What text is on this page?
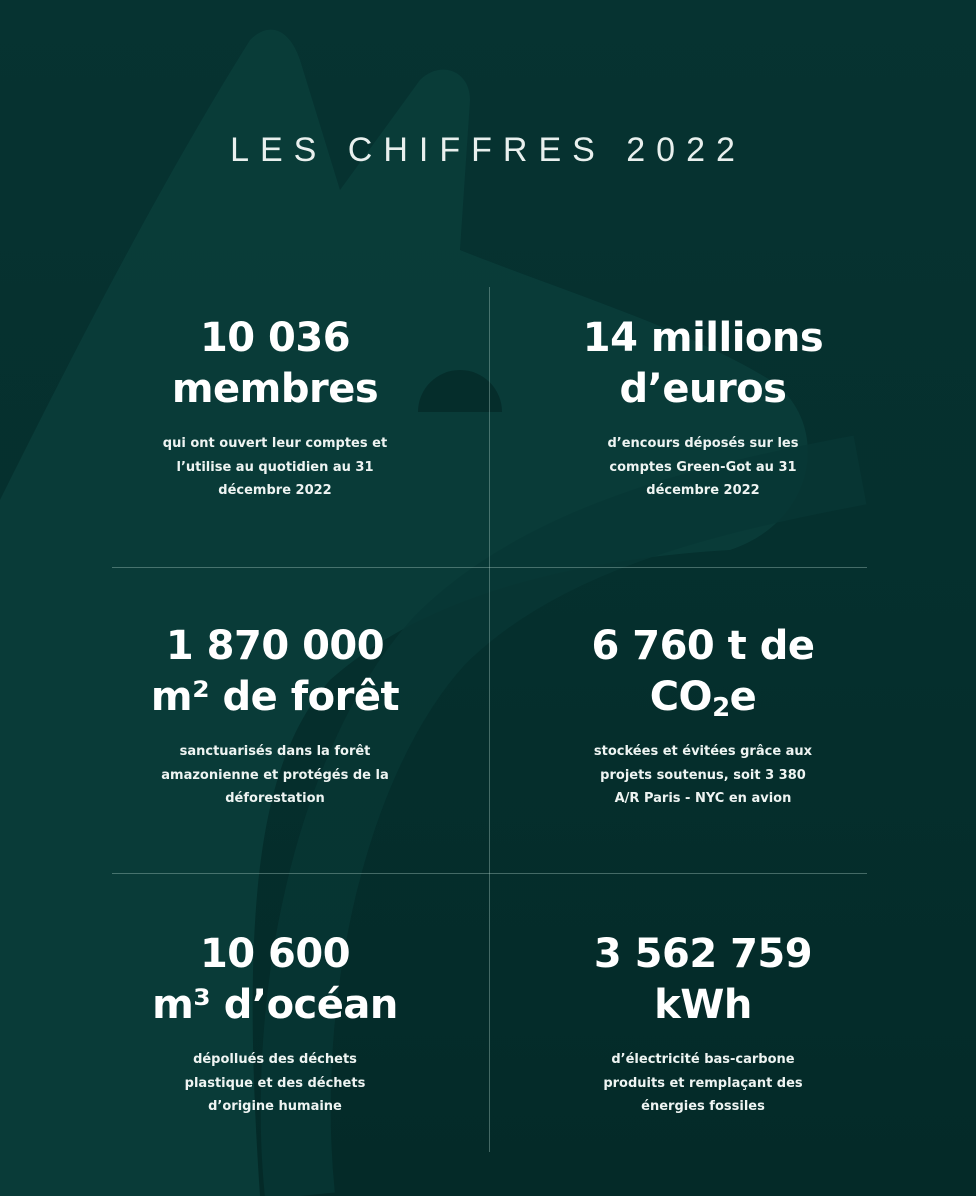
LES CHIFFRES 2022
10 036
membres
qui ont ouvert leur comptes et l’utilise au quotidien au 31 décembre 2022
14 millions
d’euros
d’encours déposés sur les comptes Green-Got au 31 décembre 2022
1 870 000
m² de forêt
sanctuarisés dans la forêt amazonienne et protégés de la déforestation
6 760 t de
$CO_2e$
stockées et évitées grâce aux projets soutenus, soit 3 380 A/R Paris - NYC en avion
10 600
m³ d’océan
dépollués des déchets plastique et des déchets d’origine humaine
3 562 759
kWh
d’électricité bas-carbone produits et remplaçant des énergies fossiles
